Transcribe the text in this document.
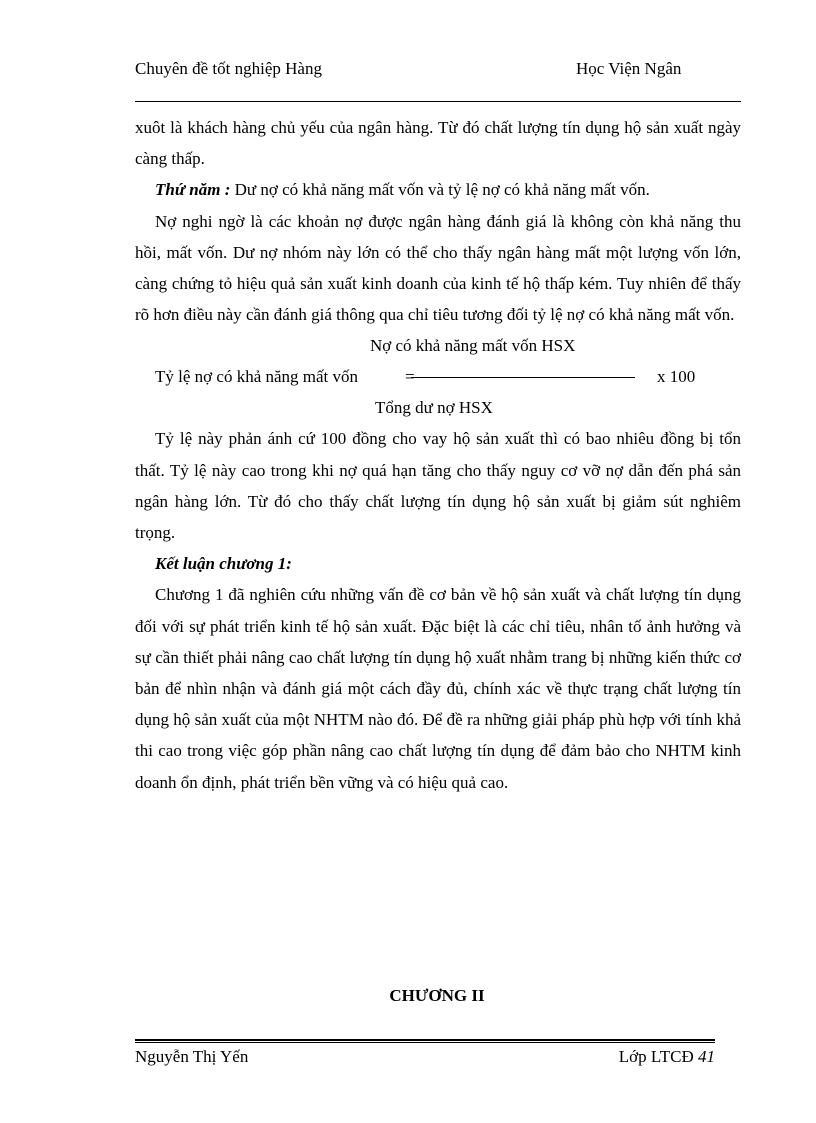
Chuyên đề tốt nghiệp Hàng	Học Viện Ngân

xuôt là khách hàng chủ yếu của ngân hàng. Từ đó chất lượng tín dụng hộ sản xuất ngày càng thấp.

Thứ năm : Dư nợ có khả năng mất vốn và tỷ lệ nợ có khả năng mất vốn.

Nợ nghi ngờ là các khoản nợ được ngân hàng đánh giá là không còn khả năng thu hồi, mất vốn. Dư nợ nhóm này lớn có thể cho thấy ngân hàng mất một lượng vốn lớn, càng chứng tỏ hiệu quả sản xuất kinh doanh của kinh tế hộ thấp kém. Tuy nhiên để thấy rõ hơn điều này cần đánh giá thông qua chỉ tiêu tương đối tỷ lệ nợ có khả năng mất vốn.

Nợ có khả năng mất vốn HSX
Tỷ lệ nợ có khả năng mất vốn	=	x 100
Tổng dư nợ HSX

Tỷ lệ này phản ánh cứ 100 đồng cho vay hộ sản xuất thì có bao nhiêu đồng bị tổn thất. Tỷ lệ này cao trong khi nợ quá hạn tăng cho thấy nguy cơ vỡ nợ dẫn đến phá sản ngân hàng lớn. Từ đó cho thấy chất lượng tín dụng hộ sản xuất bị giảm sút nghiêm trọng.

Kết luận chương 1:

Chương 1 đã nghiên cứu những vấn đề cơ bản về hộ sản xuất và chất lượng tín dụng đối với sự phát triển kinh tế hộ sản xuất. Đặc biệt là các chỉ tiêu, nhân tố ảnh hưởng và sự cần thiết phải nâng cao chất lượng tín dụng hộ xuất nhằm trang bị những kiến thức cơ bản để nhìn nhận và đánh giá một cách đầy đủ, chính xác về thực trạng chất lượng tín dụng hộ sản xuất của một NHTM nào đó. Để đề ra những giải pháp phù hợp với tính khả thi cao trong việc góp phần nâng cao chất lượng tín dụng để đảm bảo cho NHTM kinh doanh ổn định, phát triển bền vững và có hiệu quả cao.

CHƯƠNG II
Nguyễn Thị Yến	Lớp LTCĐ 41
